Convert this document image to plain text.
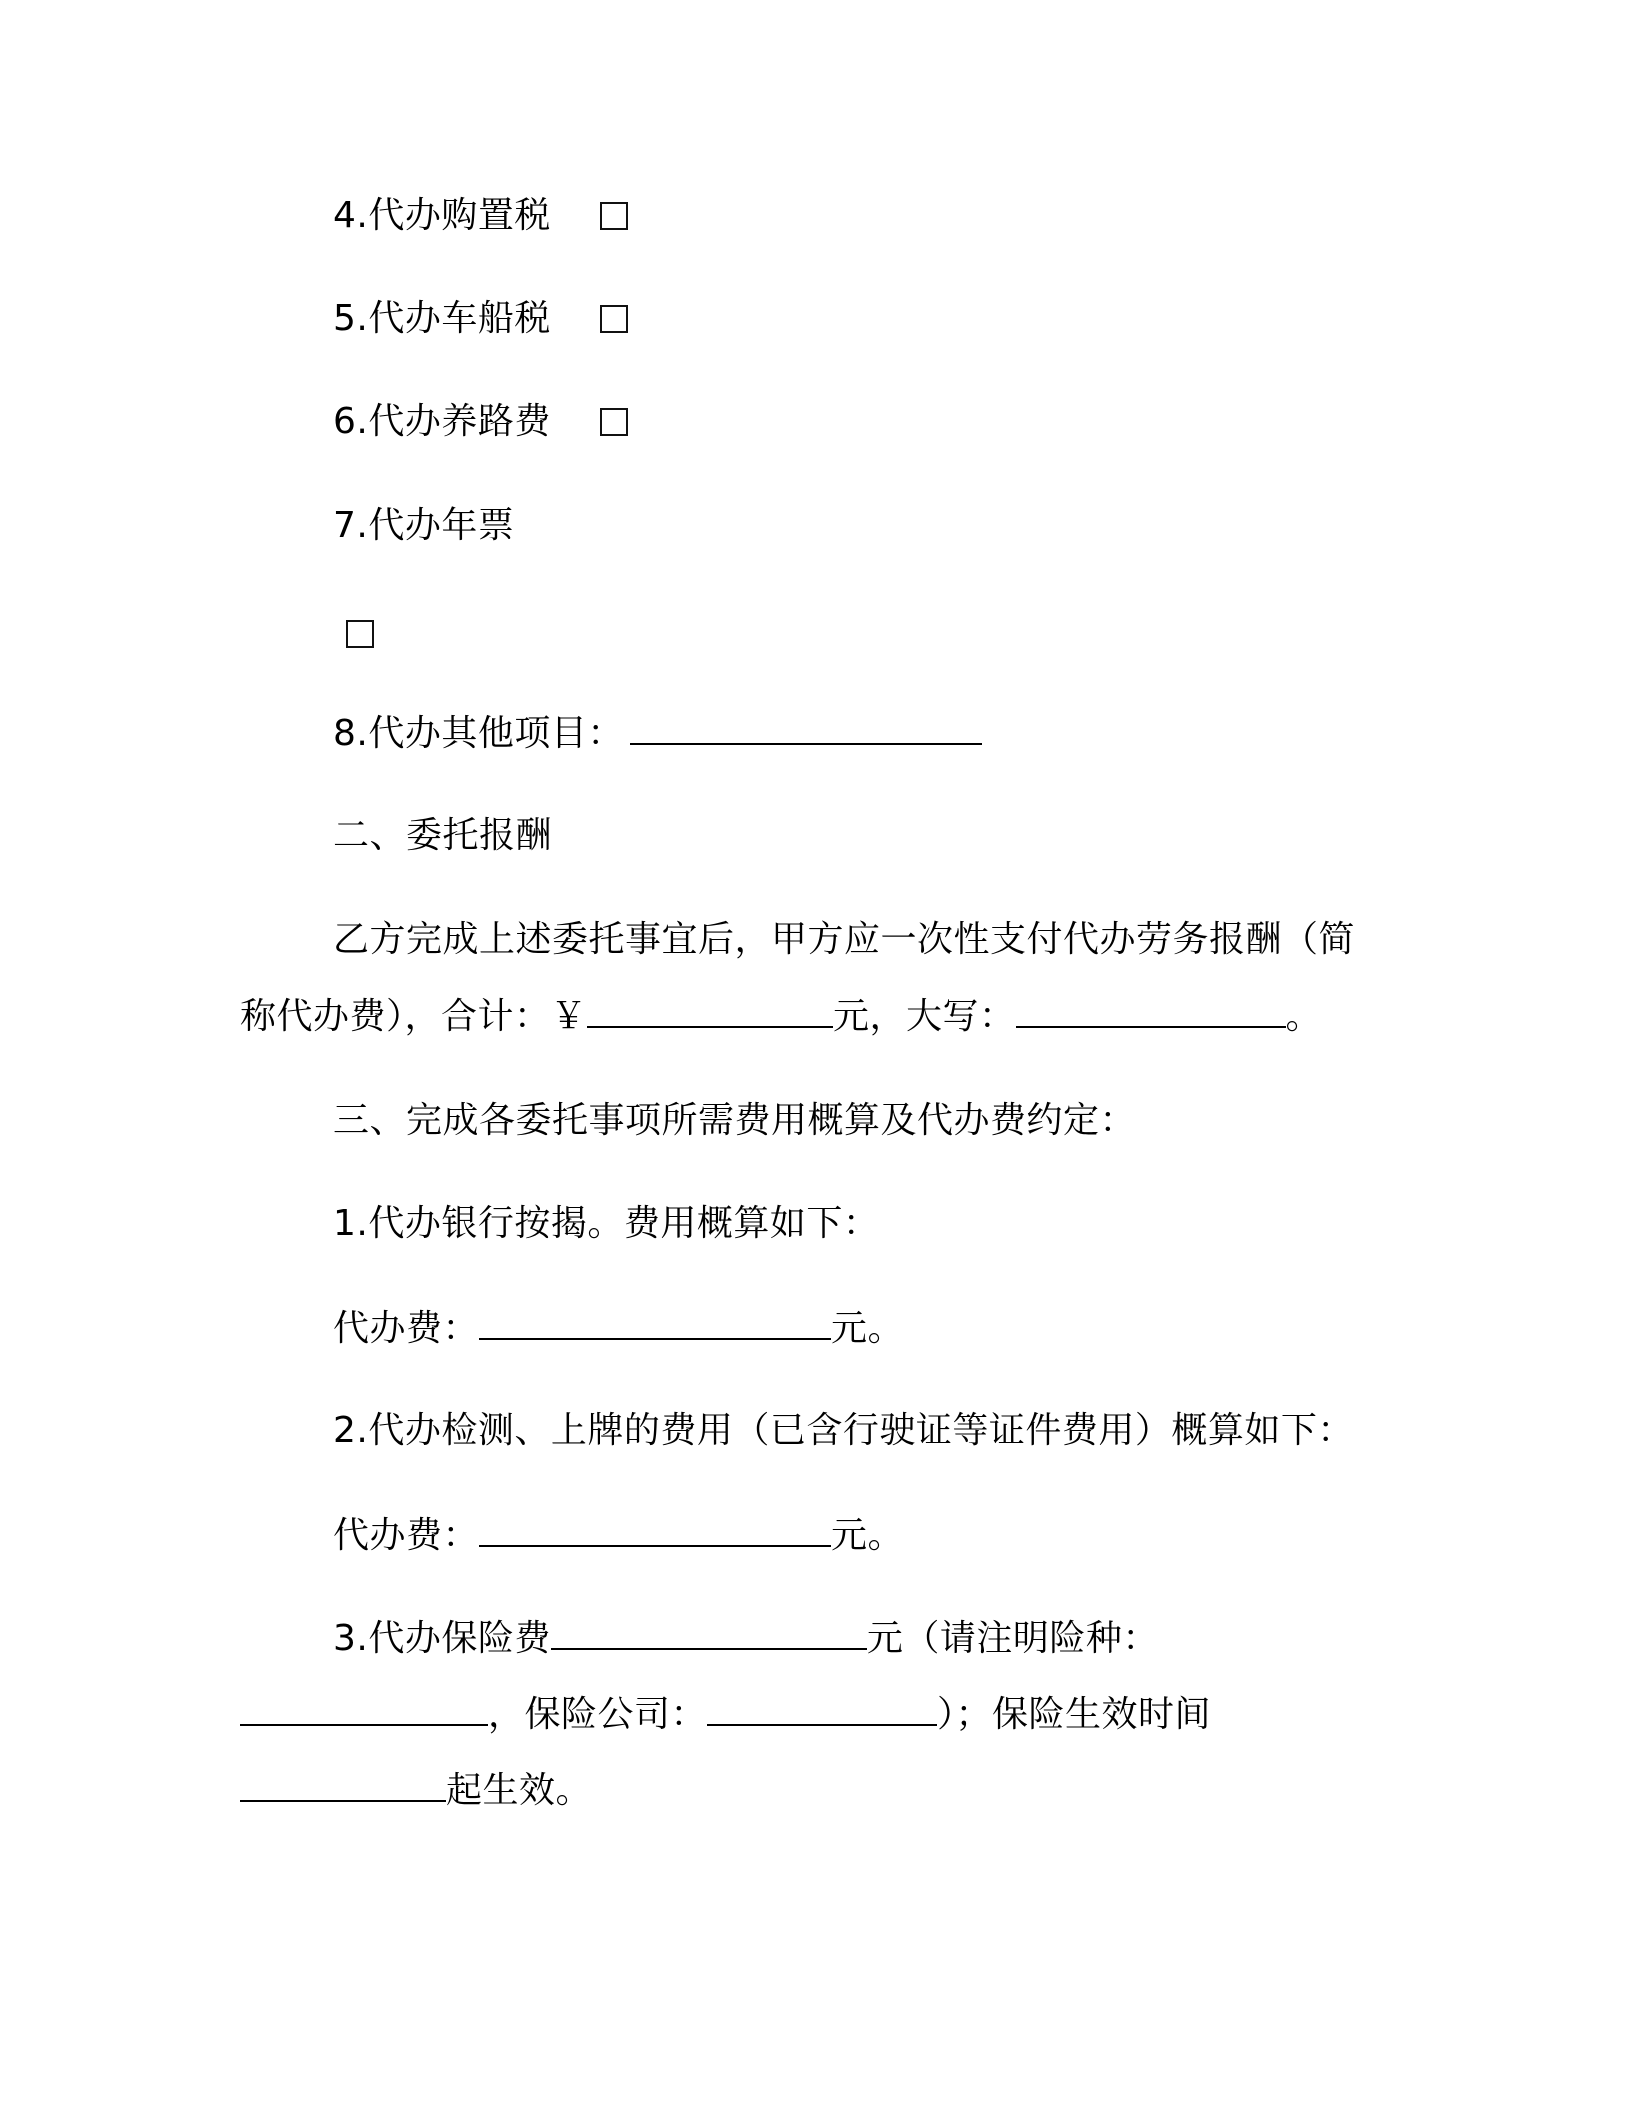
4.代办购置税
5.代办车船税
6.代办养路费
7.代办年票
8.代办其他项目：
二、委托报酬
乙方完成上述委托事宜后，甲方应一次性支付代办劳务报酬（简
称代办费），合计：￥	元，大写：	。
三、完成各委托事项所需费用概算及代办费约定：
1.代办银行按揭。费用概算如下：
代办费：	元。
2.代办检测、上牌的费用（已含行驶证等证件费用）概算如下：
代办费：	元。
3.代办保险费	元（请注明险种：
，保险公司：	）；保险生效时间
起生效。
